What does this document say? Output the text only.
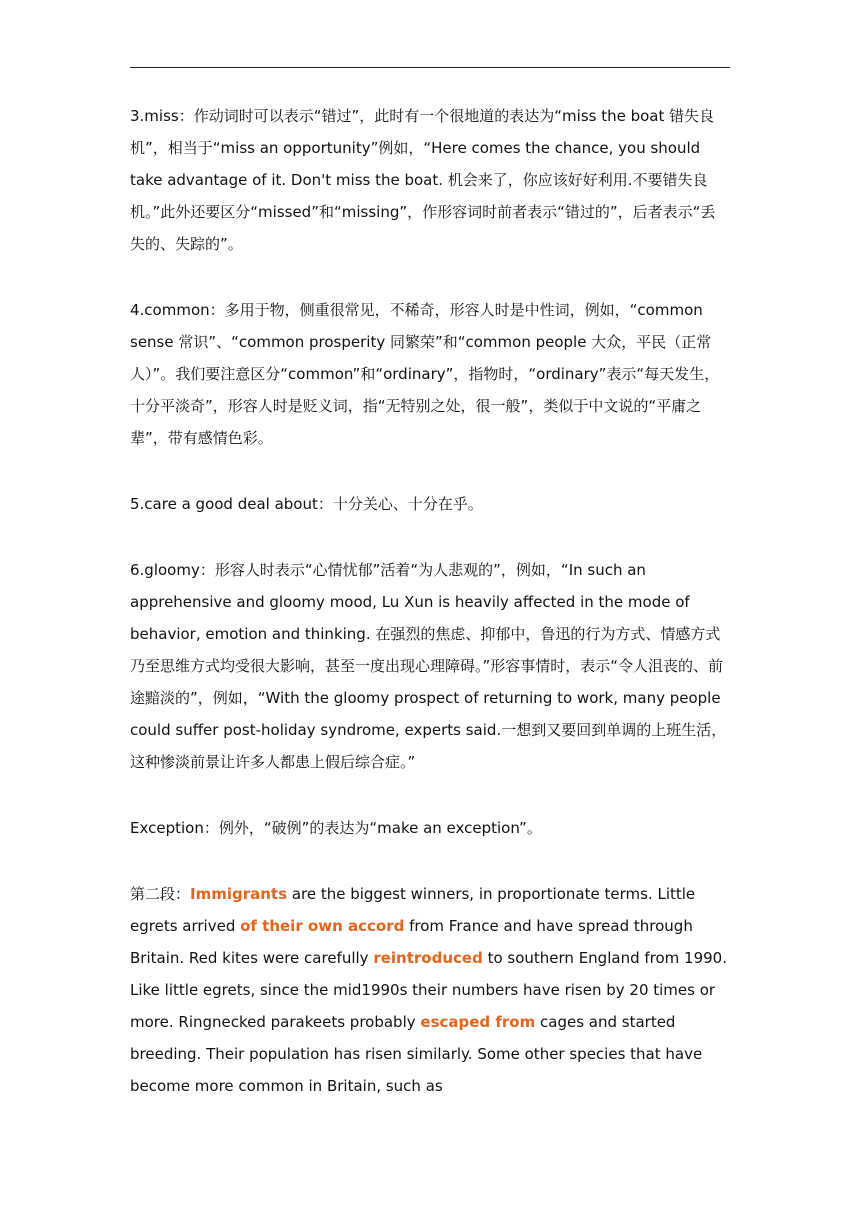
3.miss：作动词时可以表示“错过”，此时有一个很地道的表达为“miss the boat 错失良机”，相当于“miss an opportunity”例如，“Here comes the chance, you should take advantage of it. Don't miss the boat. 机会来了，你应该好好利用.不要错失良机。”此外还要区分“missed”和“missing”，作形容词时前者表示“错过的”，后者表示“丢失的、失踪的”。

4.common：多用于物，侧重很常见，不稀奇，形容人时是中性词，例如，“common sense 常识”、“common prosperity 同繁荣”和“common people 大众，平民（正常人）”。我们要注意区分“common”和“ordinary”，指物时，“ordinary”表示“每天发生，十分平淡奇”，形容人时是贬义词，指“无特别之处，很一般”，类似于中文说的“平庸之辈”，带有感情色彩。

5.care a good deal about：十分关心、十分在乎。

6.gloomy：形容人时表示“心情忧郁”活着“为人悲观的”，例如，“In such an apprehensive and gloomy mood, Lu Xun is heavily affected in the mode of behavior, emotion and thinking. 在强烈的焦虑、抑郁中，鲁迅的行为方式、情感方式乃至思维方式均受很大影响，甚至一度出现心理障碍。”形容事情时，表示“令人沮丧的、前途黯淡的”，例如，“With the gloomy prospect of returning to work, many people could suffer post-holiday syndrome, experts said.一想到又要回到单调的上班生活，这种惨淡前景让许多人都患上假后综合症。”

Exception：例外，“破例”的表达为“make an exception”。

第二段：Immigrants are the biggest winners, in proportionate terms. Little egrets arrived of their own accord from France and have spread through Britain. Red kites were carefully reintroduced to southern England from 1990. Like little egrets, since the mid1990s their numbers have risen by 20 times or more. Ringnecked parakeets probably escaped from cages and started breeding. Their population has risen similarly. Some other species that have become more common in Britain, such as
